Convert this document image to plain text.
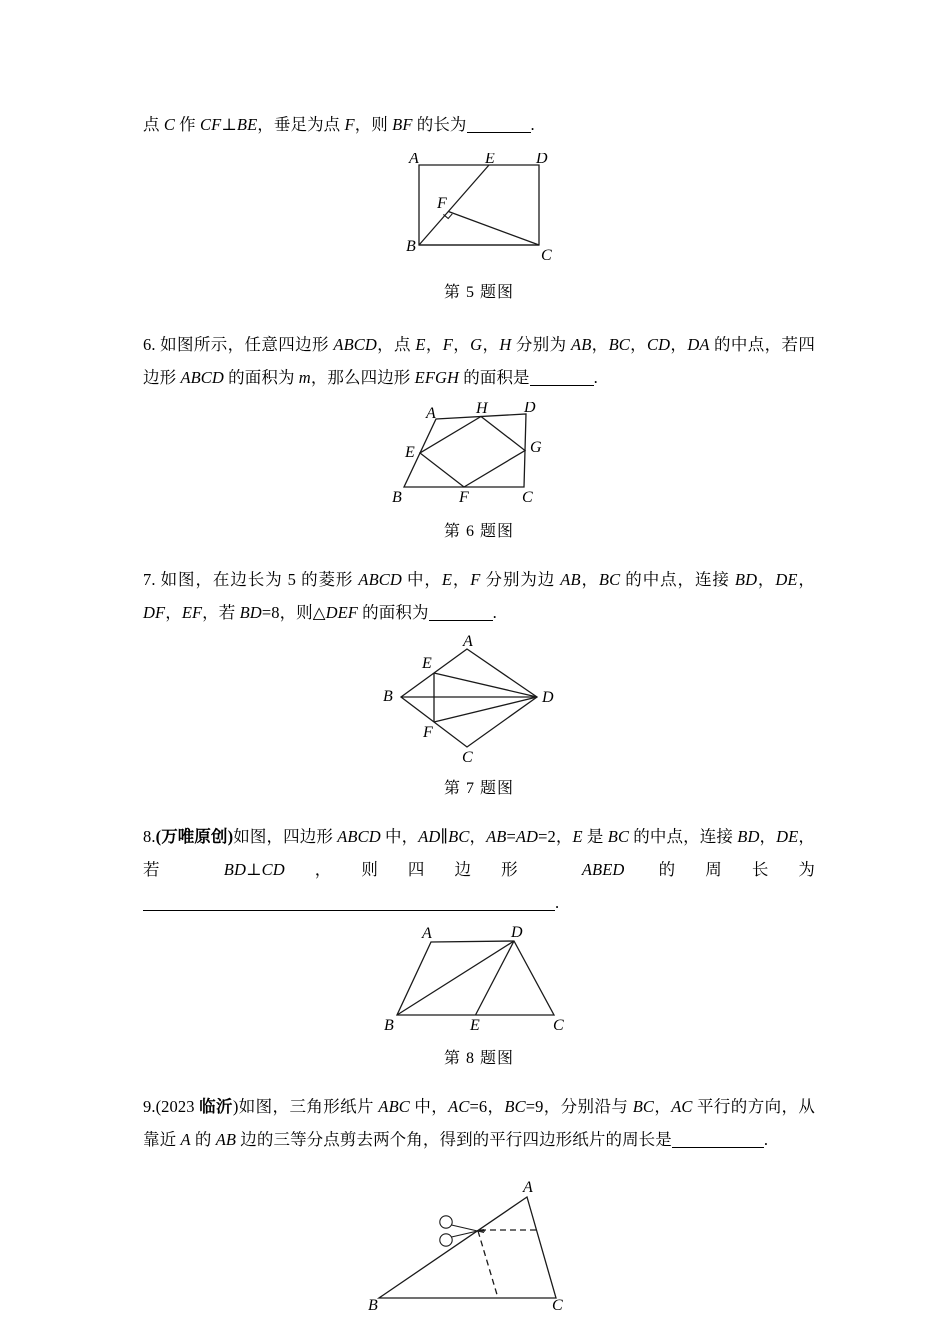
点 C 作 CF⊥BE，垂足为点 F，则 BF 的长为	.
A	E	D
F
B
C
第 5 题图
6. 如图所示，任意四边形 ABCD，点 E，F，G，H 分别为 AB，BC，CD，DA 的中点，若四边形 ABCD 的面积为 m，那么四边形 EFGH 的面积是	.
A	H D
E	G
B	F	C
第 6 题图
7. 如图，在边长为 5 的菱形 ABCD 中，E，F 分别为边 AB，BC 的中点，连接 BD，DE，DF，EF，若 BD=8，则△DEF 的面积为	.
A
E
B	D
F
C
第 7 题图
8.(万唯原创)如图，四边形 ABCD 中，AD∥BC，AB=AD=2，E 是 BC 的中点，连接 BD，DE，若 BD⊥CD，则四边形 ABED 的周长为.
A	D
B	E	C
第 8 题图
9.(2023 临沂)如图，三角形纸片 ABC 中，AC=6，BC=9，分别沿与 BC，AC 平行的方向，从靠近 A 的 AB 边的三等分点剪去两个角，得到的平行四边形纸片的周长是	.
A
B	C
